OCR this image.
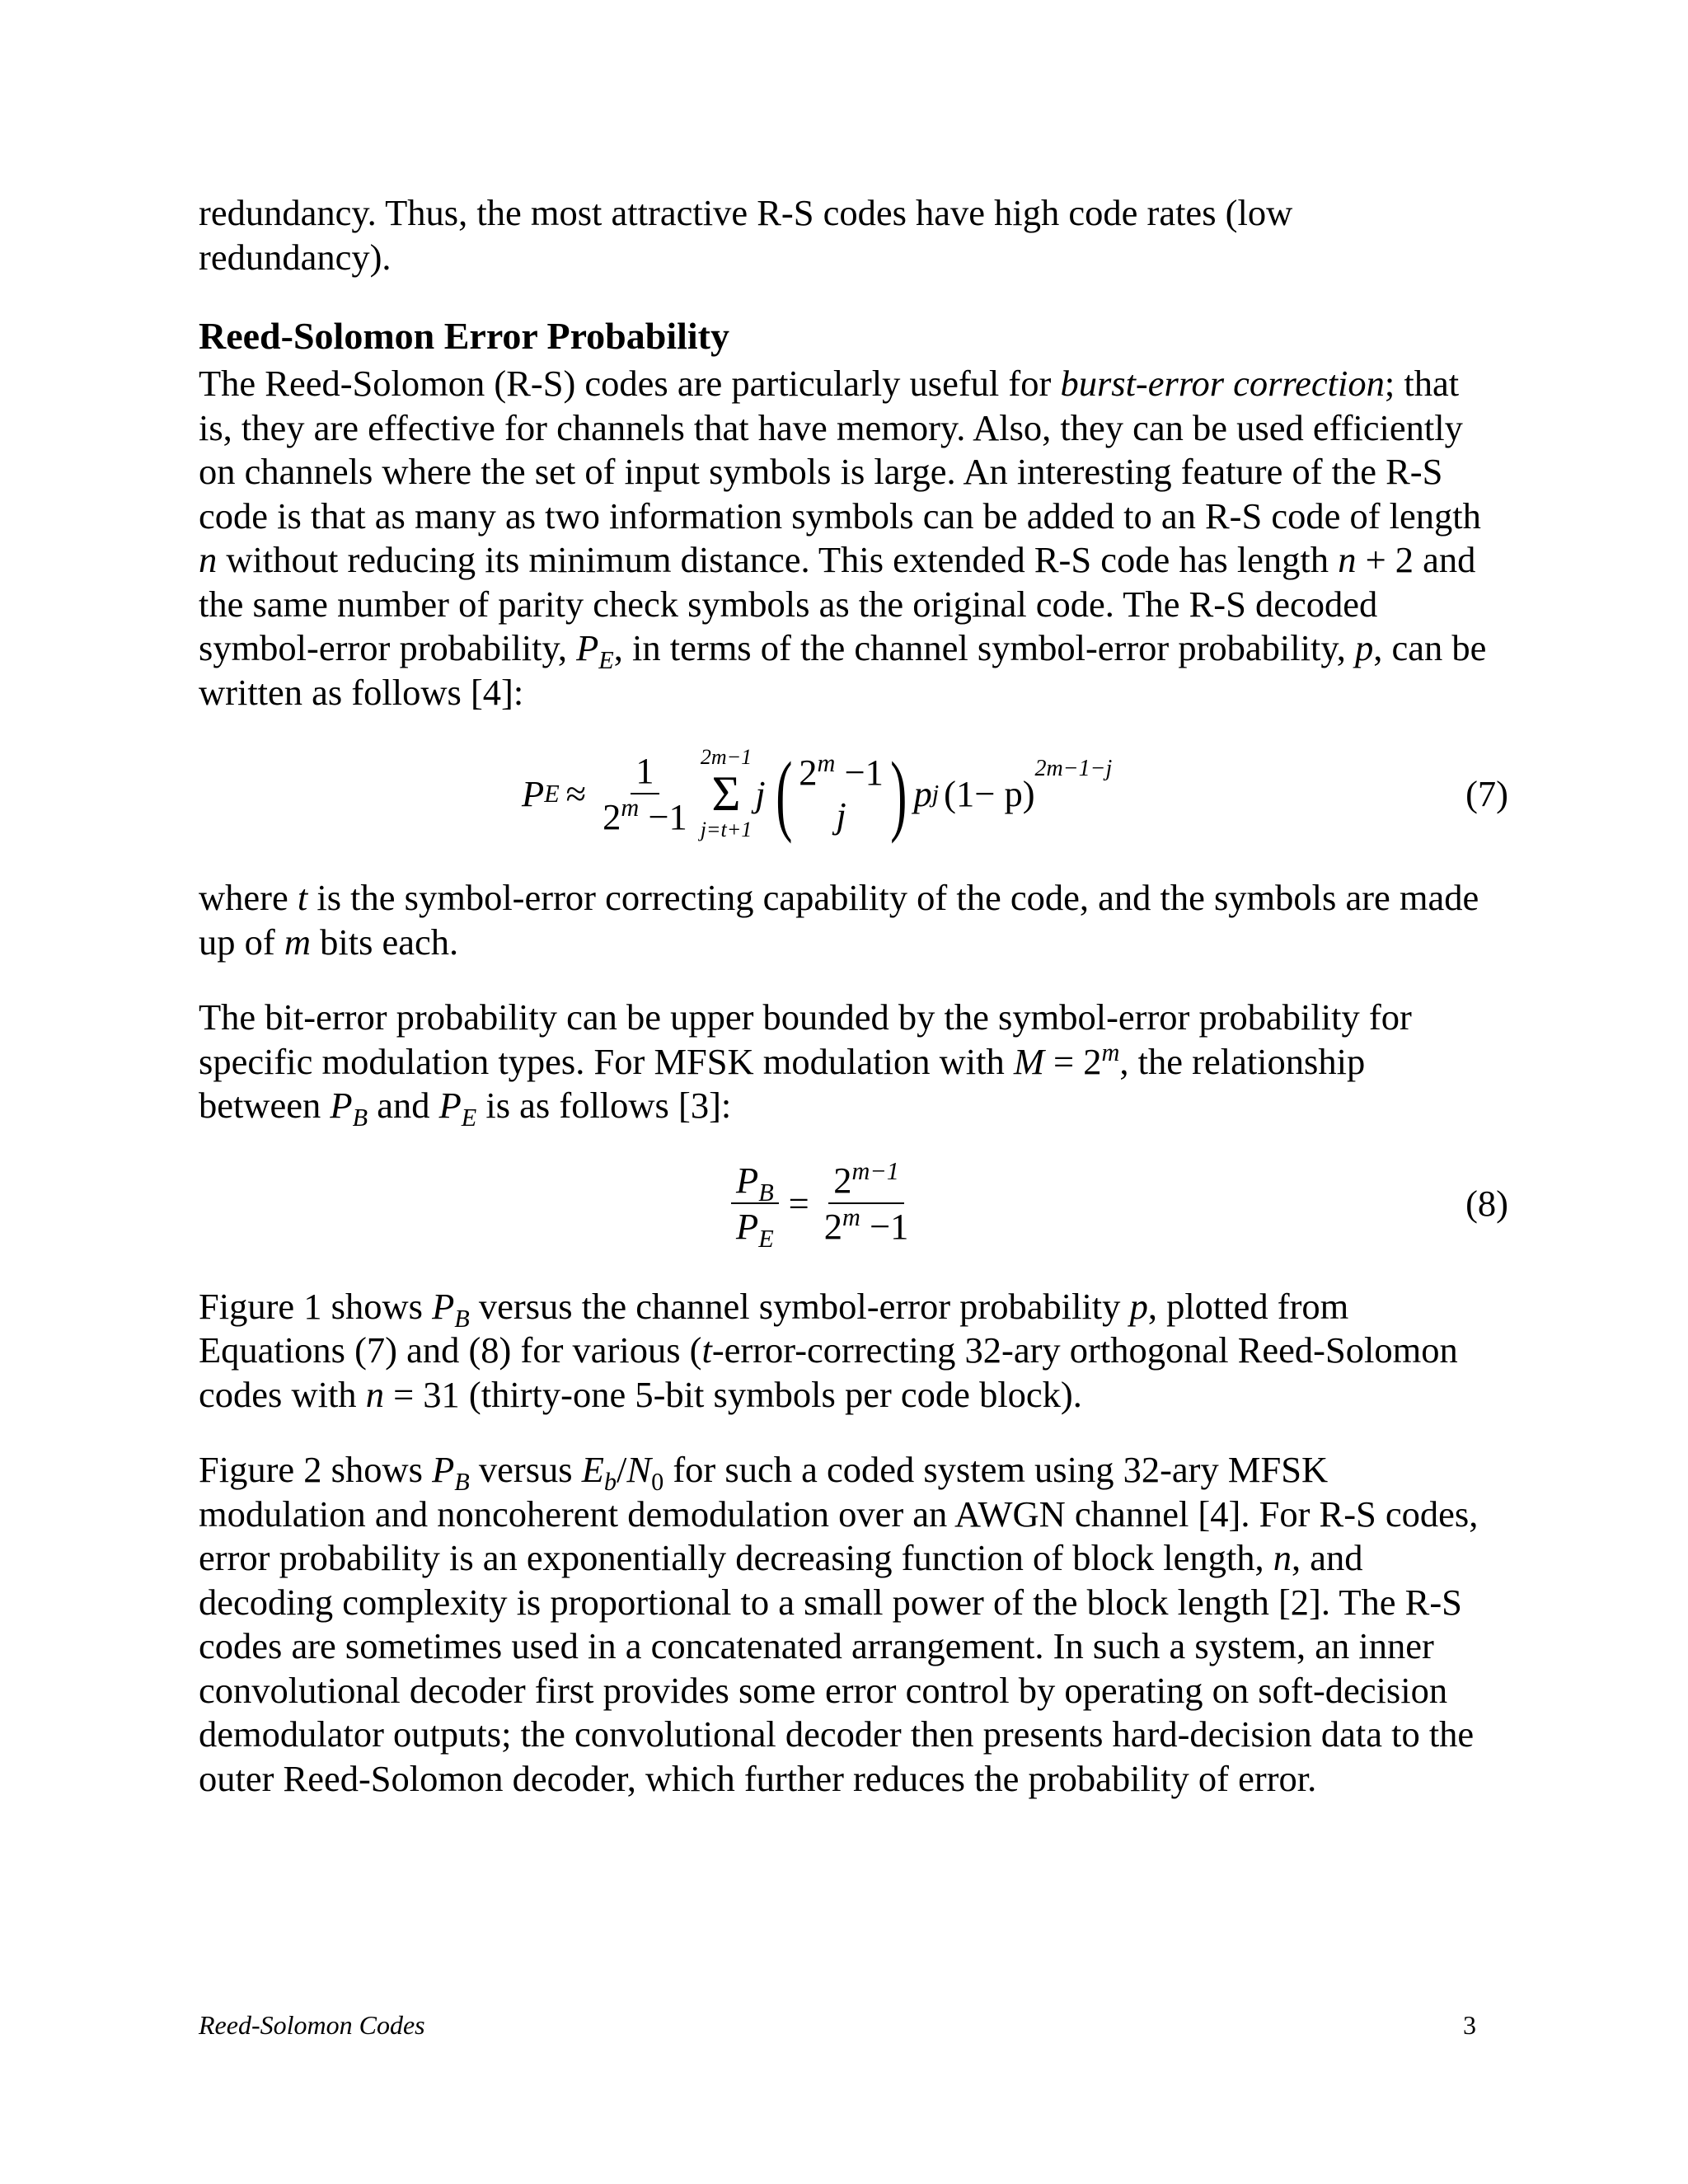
redundancy. Thus, the most attractive R-S codes have high code rates (low redundancy).

Reed-Solomon Error Probability

The Reed-Solomon (R-S) codes are particularly useful for burst-error correction; that is, they are effective for channels that have memory. Also, they can be used efficiently on channels where the set of input symbols is large. An interesting feature of the R-S code is that as many as two information symbols can be added to an R-S code of length n without reducing its minimum distance. This extended R-S code has length n + 2 and the same number of parity check symbols as the original code. The R-S decoded symbol-error probability, $P_E$, in terms of the channel symbol-error probability, p, can be written as follows [4]:

P $E \approx \frac{1}{2^m -1} 2m-1$
Σ
j=t+1
j ( $2^m -1$
j ) p j (1− p)
2m−1−j
(7)

where t is the symbol-error correcting capability of the code, and the symbols are made up of m bits each.

The bit-error probability can be upper bounded by the symbol-error probability for specific modulation types. For MFSK modulation with $M = 2^m$, the relationship between $P_B$ and $P_E$ is as follows [3]:

$\frac{P_B}{P_E} = \frac{2^{m-1}}{2^m -1}$	(8)

Figure 1 shows $P_B$ versus the channel symbol-error probability p, plotted from Equations (7) and (8) for various (t-error-correcting 32-ary orthogonal Reed-Solomon codes with n = 31 (thirty-one 5-bit symbols per code block).

Figure 2 shows $P_B$ versus $E_b/N_0$ for such a coded system using 32-ary MFSK modulation and noncoherent demodulation over an AWGN channel [4]. For R-S codes, error probability is an exponentially decreasing function of block length, n, and decoding complexity is proportional to a small power of the block length [2]. The R-S codes are sometimes used in a concatenated arrangement. In such a system, an inner convolutional decoder first provides some error control by operating on soft-decision demodulator outputs; the convolutional decoder then presents hard-decision data to the outer Reed-Solomon decoder, which further reduces the probability of error.

Reed-Solomon Codes	3
